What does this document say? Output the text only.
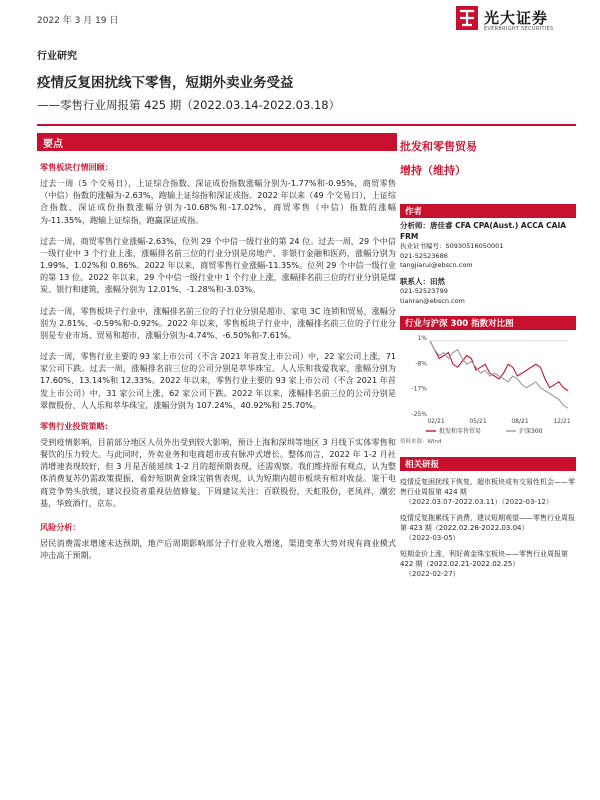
2022 年 3 月 19 日	光大证券
EVERBRIGHT SECURITIES
行业研究
疫情反复困扰线下零售，短期外卖业务受益
——零售行业周报第 425 期（2022.03.14-2022.03.18）
要点
零售板块行情回顾：

过去一周（5 个交易日），上证综合指数、深证成份指数涨幅分别为-1.77%和-0.95%，商贸零售（中信）指数的涨幅为-2.63%，跑输上证综指和深证成指。2022 年以来（49 个交易日），上证综合指数、深证成份指数涨幅分别为-10.68%和-17.02%，商贸零售（中信）指数的涨幅为-11.35%，跑输上证综指，跑赢深证成指。

过去一周，商贸零售行业涨幅-2.63%，位列 29 个中信一级行业的第 24 位。过去一周，29 个中信一级行业中 3 个行业上涨，涨幅排名前三位的行业分别是房地产、非银行金融和医药，涨幅分别为 1.99%、1.02%和 0.86%。2022 年以来，商贸零售行业涨幅-11.35%。位列 29 个中信一级行业的第 13 位。2022 年以来，29 个中信一级行业中 1 个行业上涨，涨幅排名前三位的行业分别是煤炭、银行和建筑，涨幅分别为 12.01%、-1.28%和-3.03%。

过去一周，零售板块子行业中，涨幅排名前三位的子行业分别是超市、家电 3C 连锁和贸易，涨幅分别为 2.81%、-0.59%和-0.92%。2022 年以来，零售板块子行业中，涨幅排名前三位的子行业分别是专业市场、贸易和超市，涨幅分别为-4.74%、-6.50%和-7.61%。

过去一周，零售行业主要的 93 家上市公司（不含 2021 年首发上市公司）中，22 家公司上涨，71 家公司下跌。过去一周，涨幅排名前三位的公司分别是萃华珠宝、人人乐和我爱我家，涨幅分别为 17.60%、13.14%和 12.33%。2022 年以来，零售行业主要的 93 家上市公司（不含 2021 年首发上市公司）中，31 家公司上涨，62 家公司下跌。2022 年以来，涨幅排名前三位的公司分别是翠微股份、人人乐和萃华珠宝，涨幅分别为 107.24%、40.92%和 25.70%。

零售行业投资策略:

受到疫情影响，目前部分地区人员外出受到较大影响，预计上海和深圳等地区 3 月线下实体零售和餐饮的压力较大。与此同时，外卖业务和电商超市或有脉冲式增长。整体而言，2022 年 1-2 月社消增速表现较好，但 3 月是否能延续 1-2 月的超预期表现，还需观察。我们维持原有观点，认为整体消费复苏仍需政策提振，看好短期黄金珠宝销售表现，认为短期内超市板块有相对收益。鉴于电商竞争势头放缓，建议投资者重视估值修复。下周建议关注：百联股份，天虹股份，老凤祥，潮宏基，华致酒行，京东。

风险分析：

居民消费需求增速未达预期，地产后周期影响部分子行业收入增速，渠道变革大势对现有商业模式冲击高于预期。

批发和零售贸易
增持（维持）
作者
分析师：唐佳睿 CFA CPA(Aust.) ACCA CAIA FRM
执业证书编号：S0930516050001
021-52523686
tangjiarui@ebscn.com
联系人：田然
021-52523799
tianran@ebscn.com
行业与沪深 300 指数对比图
1%
-8%
-17%
-25%
02/21	05/21	08/21	12/21
批发和零售贸易	沪深300
资料来源：Wind
相关研报
疫情反复困扰线下恢复，超市板块或有交易性机会——零售行业周报第 424 期
（2022.03.07-2022.03.11）（2022-03-12）
疫情反复拖累线下消费，建议短期观望——零售行业周报第 423 期（2022.02.28-2022.03.04）
（2022-03-05）
短期金价上涨，利好黄金珠宝板块——零售行业周报第 422 期（2022.02.21-2022.02.25）
（2022-02-27）
